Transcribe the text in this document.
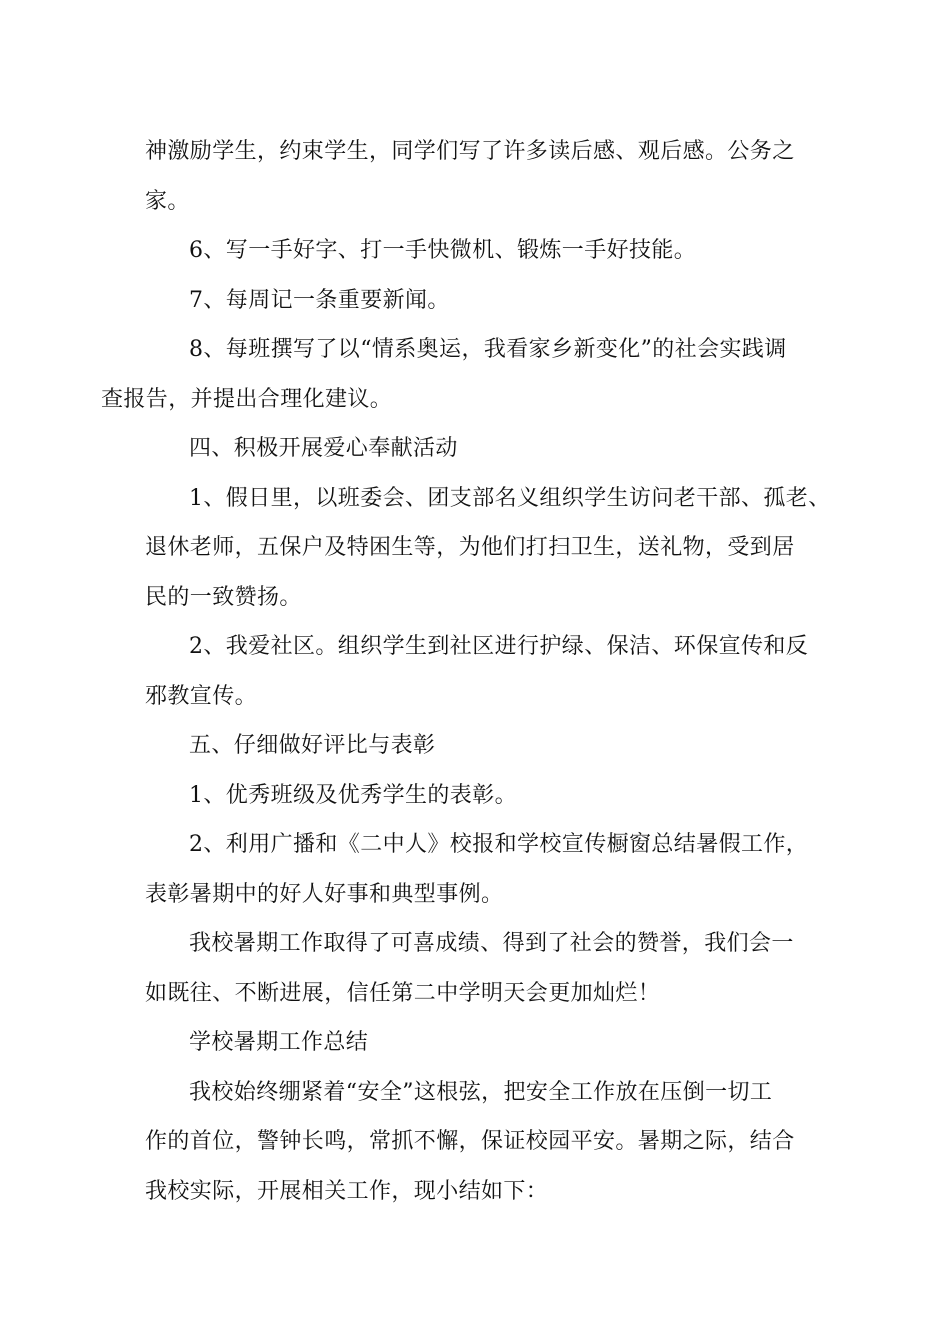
神激励学生，约束学生，同学们写了许多读后感、观后感。公务之
家。

6、写一手好字、打一手快微机、锻炼一手好技能。

7、每周记一条重要新闻。

8、每班撰写了以“情系奥运，我看家乡新变化”的社会实践调
查报告，并提出合理化建议。

四、积极开展爱心奉献活动

1、假日里，以班委会、团支部名义组织学生访问老干部、孤老、
退休老师，五保户及特困生等，为他们打扫卫生，送礼物，受到居
民的一致赞扬。

2、我爱社区。组织学生到社区进行护绿、保洁、环保宣传和反
邪教宣传。

五、仔细做好评比与表彰

1、优秀班级及优秀学生的表彰。

2、利用广播和《二中人》校报和学校宣传橱窗总结暑假工作，
表彰暑期中的好人好事和典型事例。

我校暑期工作取得了可喜成绩、得到了社会的赞誉，我们会一
如既往、不断进展，信任第二中学明天会更加灿烂！

学校暑期工作总结

我校始终绷紧着“安全”这根弦，把安全工作放在压倒一切工
作的首位，警钟长鸣，常抓不懈，保证校园平安。暑期之际，结合
我校实际，开展相关工作，现小结如下：
